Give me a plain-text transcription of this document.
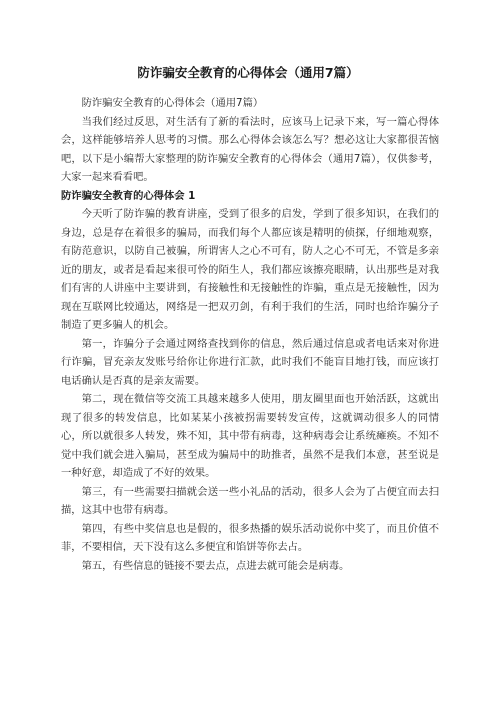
防诈骗安全教育的心得体会（通用7篇）

防诈骗安全教育的心得体会（通用7篇）

当我们经过反思，对生活有了新的看法时，应该马上记录下来，写一篇心得体会，这样能够培养人思考的习惯。那么心得体会该怎么写？想必这让大家都很苦恼吧，以下是小编帮大家整理的防诈骗安全教育的心得体会（通用7篇），仅供参考，大家一起来看看吧。

防诈骗安全教育的心得体会 1

今天听了防诈骗的教育讲座，受到了很多的启发，学到了很多知识，在我们的身边，总是存在着很多的骗局，而我们每个人都应该是精明的侦探，仔细地观察，有防范意识，以防自己被骗，所谓害人之心不可有，防人之心不可无，不管是多亲近的朋友，或者是看起来很可怜的陌生人，我们都应该擦亮眼睛，认出那些是对我们有害的人讲座中主要讲到，有接触性和无接触性的诈骗，重点是无接触性，因为现在互联网比较通达，网络是一把双刃剑，有利于我们的生活，同时也给诈骗分子制造了更多骗人的机会。

第一，诈骗分子会通过网络查找到你的信息，然后通过信息或者电话来对你进行诈骗，冒充亲友发账号给你让你进行汇款，此时我们不能盲目地打钱，而应该打电话确认是否真的是亲友需要。

第二，现在微信等交流工具越来越多人使用，朋友圈里面也开始活跃，这就出现了很多的转发信息，比如某某小孩被拐需要转发宣传，这就调动很多人的同情心，所以就很多人转发，殊不知，其中带有病毒，这种病毒会让系统瘫痪。不知不觉中我们就会进入骗局，甚至成为骗局中的助推者，虽然不是我们本意，甚至说是一种好意，却造成了不好的效果。

第三，有一些需要扫描就会送一些小礼品的活动，很多人会为了占便宜而去扫描，这其中也带有病毒。

第四，有些中奖信息也是假的，很多热播的娱乐活动说你中奖了，而且价值不菲，不要相信，天下没有这么多便宜和馅饼等你去占。

第五，有些信息的链接不要去点，点进去就可能会是病毒。
